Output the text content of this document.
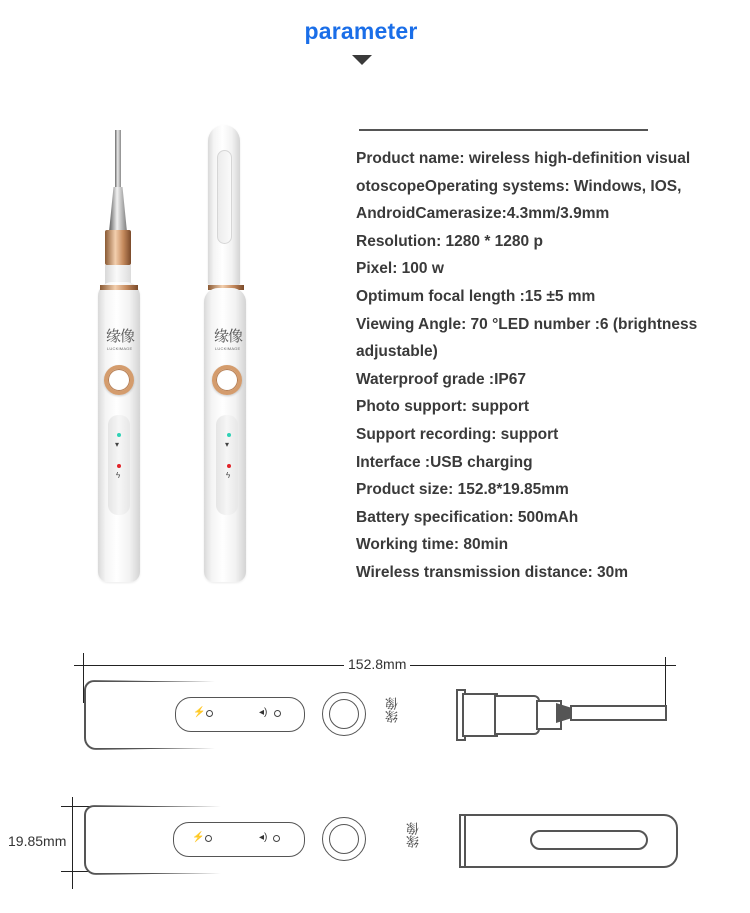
parameter
缘像
LUCKIMAGE
▾
ϟ
缘像
LUCKIMAGE
▾
ϟ
Product name: wireless high-definition visual otoscopeOperating systems: Windows, IOS, AndroidCamerasize:4.3mm/3.9mm
Resolution: 1280 * 1280 p
Pixel: 100 w
Optimum focal length :15 ±5 mm
Viewing Angle: 70 °LED number :6 (brightness adjustable)
Waterproof grade :IP67
Photo support: support
Support recording: support
Interface :USB charging
Product size: 152.8*19.85mm
Battery specification: 500mAh
Working time: 80min
Wireless transmission distance: 30m
152.8mm
⚡	◂)	缘像
19.85mm	⚡	◂)	缘像
